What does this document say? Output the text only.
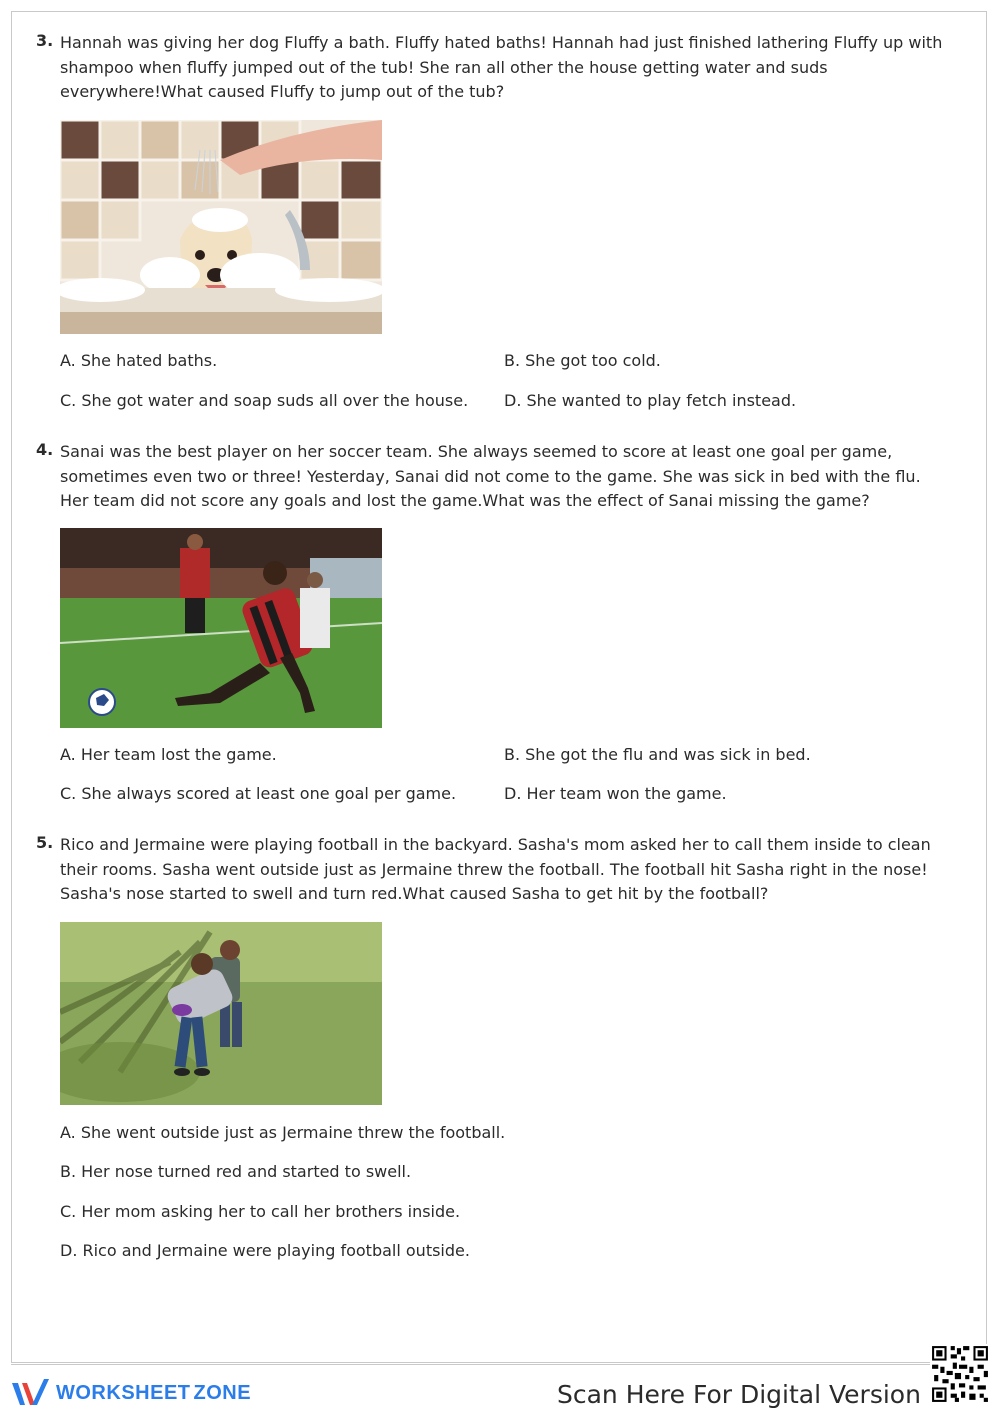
3. Hannah was giving her dog Fluffy a bath. Fluffy hated baths! Hannah had just finished lathering Fluffy up with shampoo when fluffy jumped out of the tub! She ran all other the house getting water and suds everywhere!What caused Fluffy to jump out of the tub?
A. She hated baths.	B. She got too cold.
C. She got water and soap suds all over the house. D. She wanted to play fetch instead.
4. Sanai was the best player on her soccer team. She always seemed to score at least one goal per game, sometimes even two or three! Yesterday, Sanai did not come to the game. She was sick in bed with the flu. Her team did not score any goals and lost the game.What was the effect of Sanai missing the game?
A. Her team lost the game.	B. She got the flu and was sick in bed.
C. She always scored at least one goal per game.	D. Her team won the game.
5. Rico and Jermaine were playing football in the backyard. Sasha's mom asked her to call them inside to clean their rooms. Sasha went outside just as Jermaine threw the football. The football hit Sasha right in the nose! Sasha's nose started to swell and turn red.What caused Sasha to get hit by the football?
A. She went outside just as Jermaine threw the football.
B. Her nose turned red and started to swell.
C. Her mom asking her to call her brothers inside.
D. Rico and Jermaine were playing football outside.
WORKSHEET ZONE	Scan Here For Digital Version
